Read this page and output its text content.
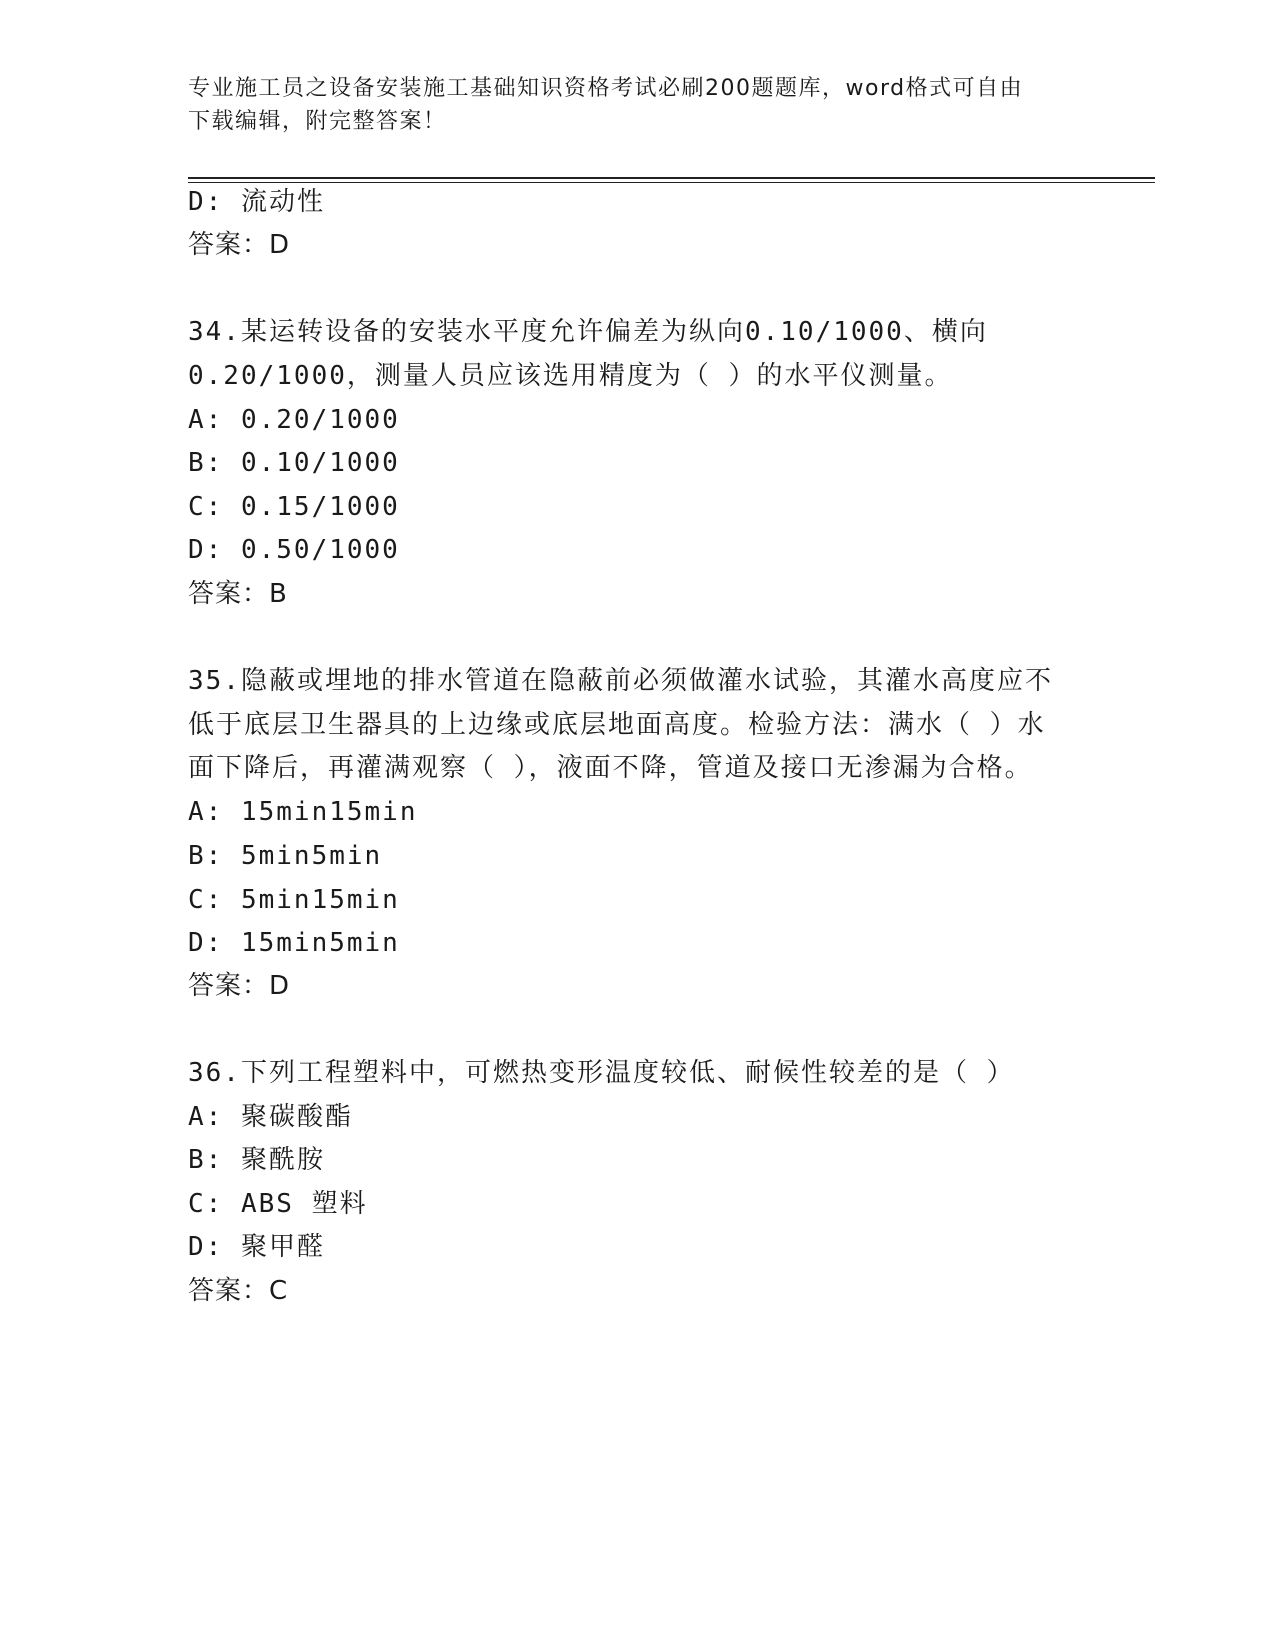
专业施工员之设备安装施工基础知识资格考试必刷200题题库，word格式可自由
下载编辑，附完整答案！
D: 流动性
答案：D
34.某运转设备的安装水平度允许偏差为纵向0.10/1000、横向
0.20/1000，测量人员应该选用精度为（ ）的水平仪测量。
A: 0.20/1000
B: 0.10/1000
C: 0.15/1000
D: 0.50/1000
答案：B
35.隐蔽或埋地的排水管道在隐蔽前必须做灌水试验，其灌水高度应不
低于底层卫生器具的上边缘或底层地面高度。检验方法：满水（ ）水
面下降后，再灌满观察（ ），液面不降，管道及接口无渗漏为合格。
A: 15min15min
B: 5min5min
C: 5min15min
D: 15min5min
答案：D
36.下列工程塑料中，可燃热变形温度较低、耐候性较差的是（ ）
A: 聚碳酸酯
B: 聚酰胺
C: ABS 塑料
D: 聚甲醛
答案：C
